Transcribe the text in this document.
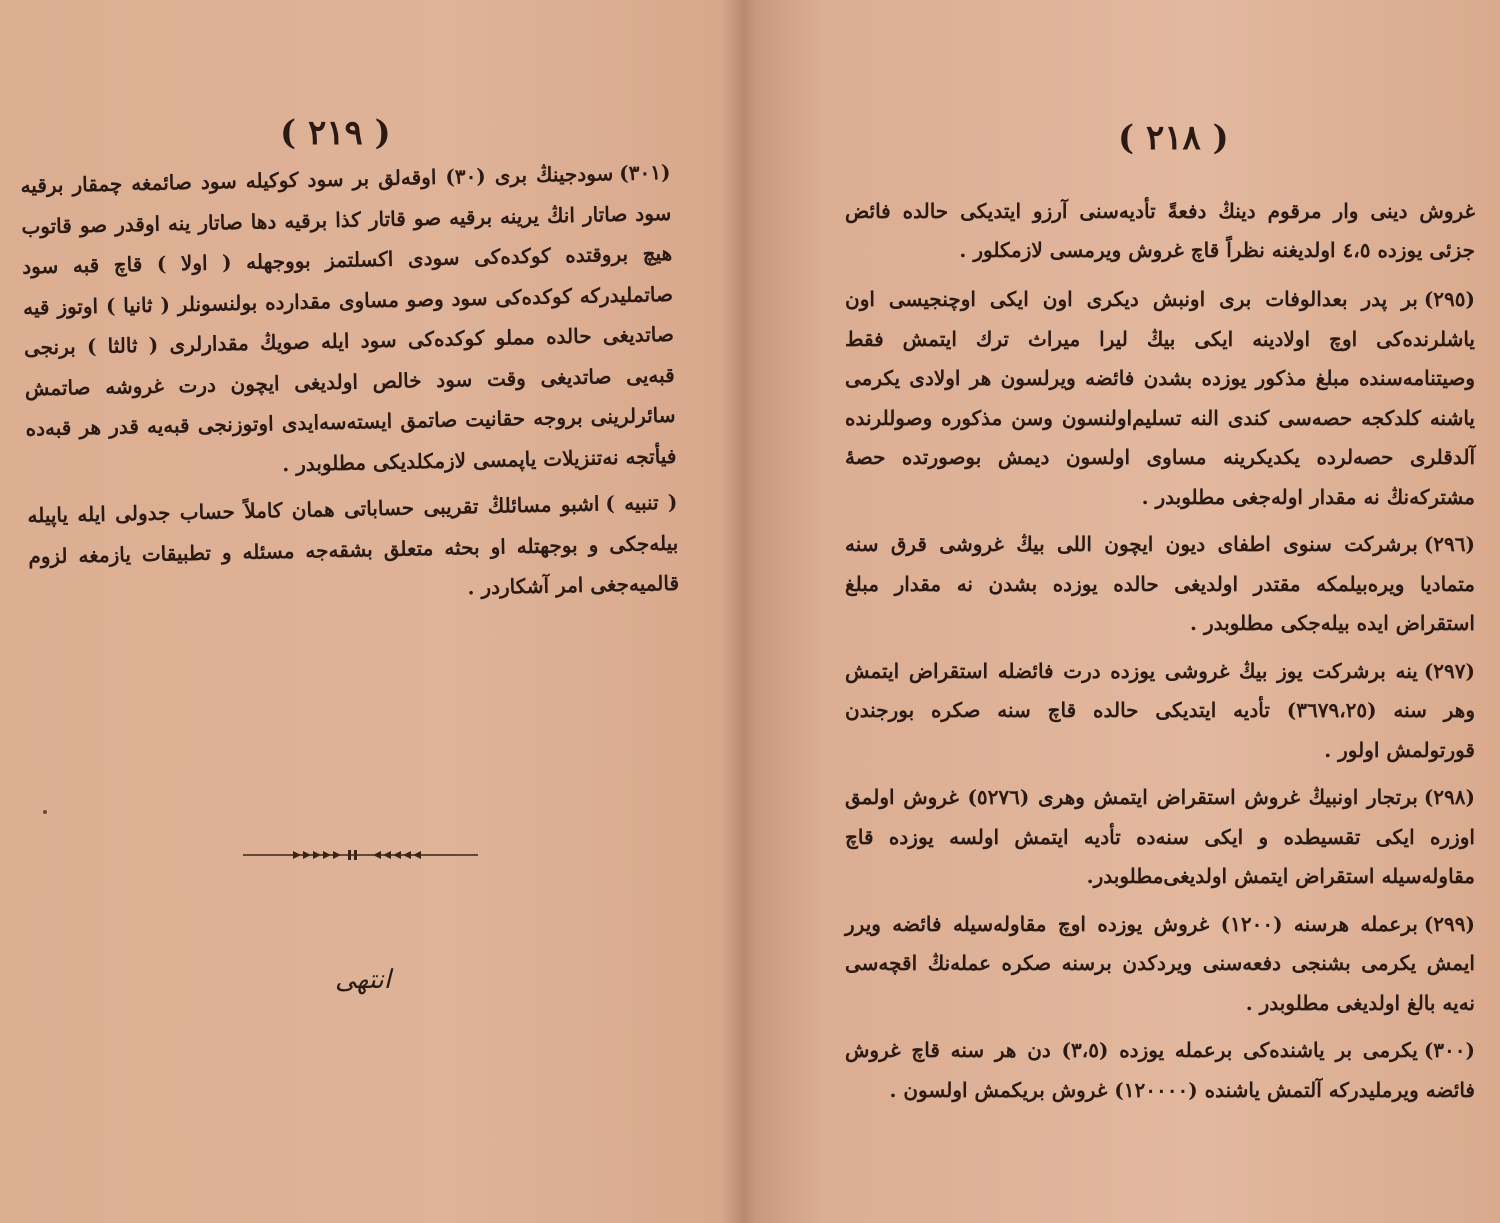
( ٢١٩ )

(٣٠١)سودجینڭ بری (٣٠) اوقه‌لق بر سود کوکیله سود صائمغه چمقار برقیه سود صاتار انڭ یرینه برقیه صو قاتار کذا برقیه دها صاتار ینه اوقدر صو قاتوب هیچ بروقتده کوکده‌کی سودی اکسلتمز بووجهله ( اولا ) قاچ قبه سود صاتملیدرکه کوکده‌کی سود وصو مساوی مقدارده بولنسونلر ( ثانیا ) اوتوز قیه صاتدیغی حالده مملو کوکده‌کی سود ایله صویڭ مقدارلری ( ثالثا ) برنجی قبه‌یی صاتدیغی وقت سود خالص اولدیغی ایچون درت غروشه صاتمش سائرلرینی بروجه حقانیت صاتمق ایسته‌سه‌ایدی اوتوزنجی قبه‌یه قدر هر قبه‌ده فیأتجه نه‌تنزیلات یاپمسی لازمکلدیکی مطلوبدر .

( تنبیه )اشبو مسائلڭ تقریبی حساباتی همان کاملاً حساب جدولی ایله یاپیله بیله‌جکی و بوجهتله او بحثه متعلق بشقه‌جه مسئله و تطبیقات یازمغه لزوم قالمیه‌جغی امر آشکاردر .

انتهی
( ٢١٨ )

غروش دینی وار مرقوم دینڭ دفعةً تأدیه‌سنی آرزو ایتدیکی حالده فائض جزئی یوزده ٤،٥ اولدیغنه نظراً قاچ غروش ویرمسی لازمکلور .

(٢٩٥)بر پدر بعدالوفات بری اونبش دیکری اون ایکی اوچنجیسی اون یاشلرنده‌کی اوچ اولادینه ایکی بیڭ لیرا میراث ترك ایتمش فقط وصیتنامه‌سنده مبلغ مذکور یوزده بشدن فائضه ویرلسون هر اولادی یکرمی یاشنه کلدکجه حصه‌سی کندی النه تسلیم‌اولنسون وسن مذکوره وصوللرنده آلدقلری حصه‌لرده یکدیکرینه مساوی اولسون دیمش بوصورتده حصهٔ مشترکه‌نڭ نه مقدار اوله‌جغی مطلوبدر .

(٢٩٦)برشرکت سنوی اطفای دیون ایچون اللی بیڭ غروشی قرق سنه متمادیا ویره‌بیلمکه مقتدر اولدیغی حالده یوزده بشدن نه مقدار مبلغ استقراض ایده بیله‌جکی مطلوبدر .

(٢٩٧)ینه برشرکت یوز بیڭ غروشی یوزده درت فائضله استقراض ایتمش وهر سنه (٣٦٧٩،٢٥) تأدیه ایتدیکی حالده قاچ سنه صکره بورجندن قورتولمش اولور .

(٢٩٨)برتجار اونبیڭ غروش استقراض ایتمش وهری (٥٢٧٦) غروش اولمق اوزره ایکی تقسیطده و ایکی سنه‌ده تأدیه ایتمش اولسه یوزده قاچ مقاوله‌سیله استقراض ایتمش اولدیغی‌مطلوبدر.

(٢٩٩)برعمله هرسنه (١٢٠٠) غروش یوزده اوچ مقاوله‌سیله فائضه ویرر ایمش یکرمی بشنجی دفعه‌سنی ویردکدن برسنه صکره عمله‌نڭ اقچه‌سی نه‌یه بالغ اولدیغی مطلوبدر .

(٣٠٠)یکرمی بر یاشنده‌کی برعمله یوزده (٣،٥) دن هر سنه قاچ غروش فائضه ویرملیدرکه آلتمش یاشنده (١٢٠٠٠٠) غروش بریکمش اولسون .
